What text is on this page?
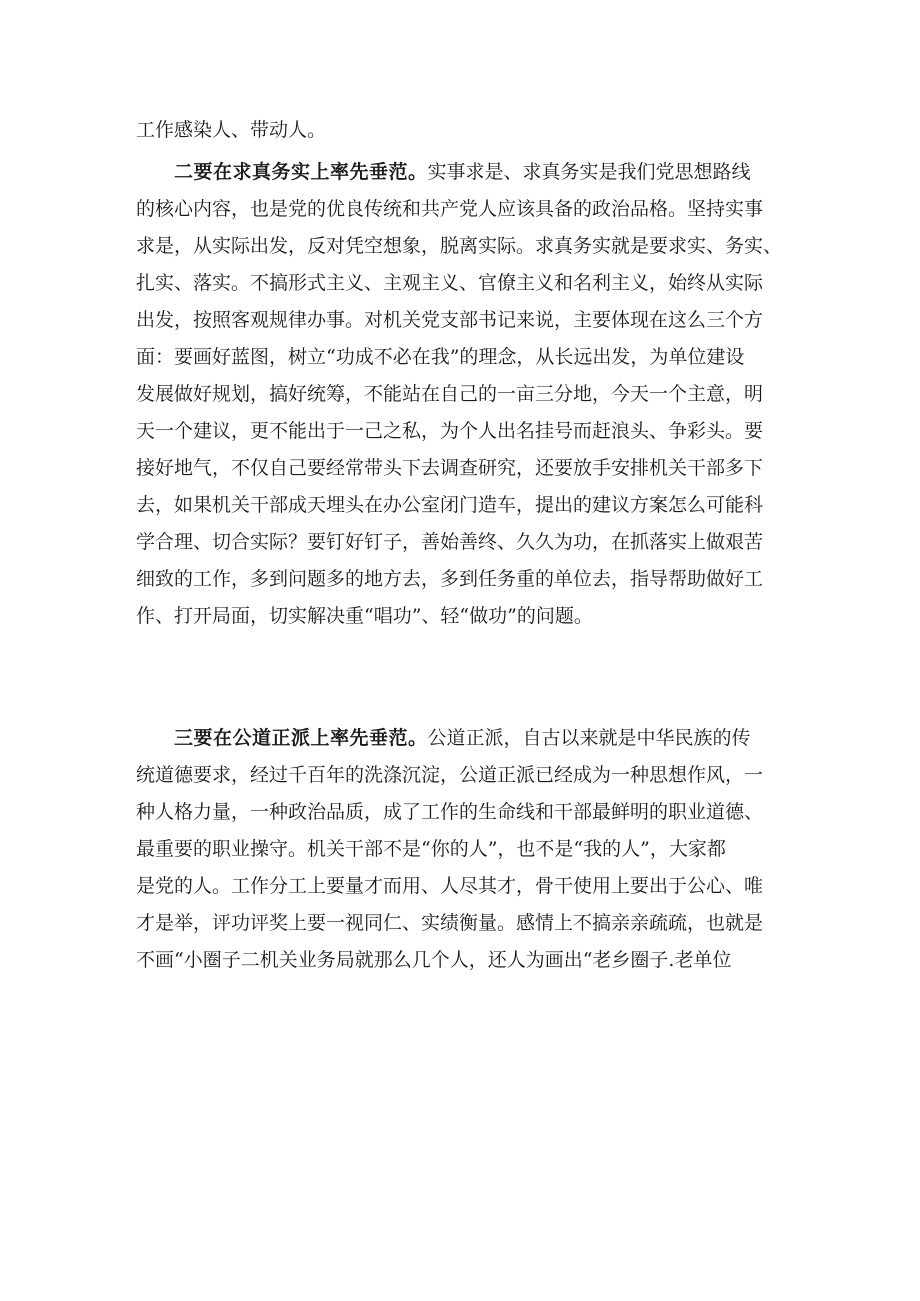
工作感染人、带动人。
二要在求真务实上率先垂范。实事求是、求真务实是我们党思想路线
的核心内容，也是党的优良传统和共产党人应该具备的政治品格。坚持实事
求是，从实际出发，反对凭空想象，脱离实际。求真务实就是要求实、务实、
扎实、落实。不搞形式主义、主观主义、官僚主义和名利主义，始终从实际
出发，按照客观规律办事。对机关党支部书记来说，主要体现在这么三个方
面：要画好蓝图，树立“功成不必在我”的理念，从长远出发，为单位建设
发展做好规划，搞好统筹，不能站在自己的一亩三分地，今天一个主意，明
天一个建议，更不能出于一己之私，为个人出名挂号而赶浪头、争彩头。要
接好地气，不仅自己要经常带头下去调查研究，还要放手安排机关干部多下
去，如果机关干部成天埋头在办公室闭门造车，提出的建议方案怎么可能科
学合理、切合实际？要钉好钉子，善始善终、久久为功，在抓落实上做艰苦
细致的工作，多到问题多的地方去，多到任务重的单位去，指导帮助做好工
作、打开局面，切实解决重“唱功”、轻“做功”的问题。
三要在公道正派上率先垂范。公道正派，自古以来就是中华民族的传
统道德要求，经过千百年的洗涤沉淀，公道正派已经成为一种思想作风，一
种人格力量，一种政治品质，成了工作的生命线和干部最鲜明的职业道德、
最重要的职业操守。机关干部不是“你的人”，也不是“我的人”，大家都
是党的人。工作分工上要量才而用、人尽其才，骨干使用上要出于公心、唯
才是举，评功评奖上要一视同仁、实绩衡量。感情上不搞亲亲疏疏，也就是
不画“小圈子二机关业务局就那么几个人，还人为画出“老乡圈子.老单位
